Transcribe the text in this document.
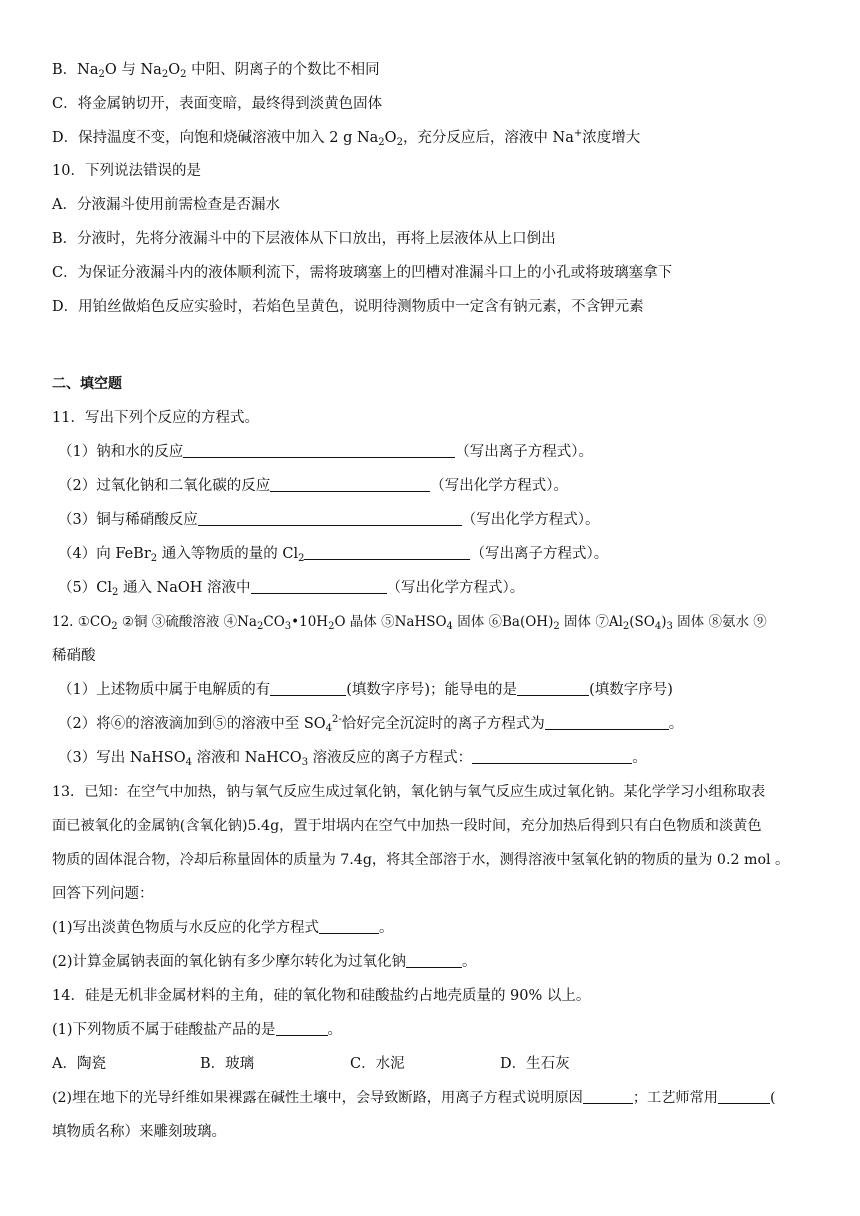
B．$Na_2O$ 与 $Na_2O_2$ 中阳、阴离子的个数比不相同
C．将金属钠切开，表面变暗，最终得到淡黄色固体
D．保持温度不变，向饱和烧碱溶液中加入 2 g $Na_2O_2$，充分反应后，溶液中 Na+浓度增大
10．下列说法错误的是
A．分液漏斗使用前需检查是否漏水
B．分液时，先将分液漏斗中的下层液体从下口放出，再将上层液体从上口倒出
C．为保证分液漏斗内的液体顺利流下，需将玻璃塞上的凹槽对准漏斗口上的小孔或将玻璃塞拿下
D．用铂丝做焰色反应实验时，若焰色呈黄色，说明待测物质中一定含有钠元素，不含钾元素
二、填空题
11．写出下列个反应的方程式。
（1）钠和水的反应	（写出离子方程式）。
（2）过氧化钠和二氧化碳的反应	（写出化学方程式）。
（3）铜与稀硝酸反应	（写出化学方程式）。
（4）向 FeBr$_2$ 通入等物质的量的 $Cl_2$	（写出离子方程式）。
$(5)Cl_2$ 通入 NaOH 溶液中	（写出化学方程式）。
12. $①CO_2$ ②铜 ③硫酸溶液 $④Na_2CO_3•10H_2O$ 晶体 ⑤NaHSO$_4$ 固体 $⑥Ba(OH)_2$ 固体 $⑦Al_2(SO_4)_3$ 固体 ⑧氨水 ⑨
稀硝酸
（1）上述物质中属于电解质的有	(填数字序号)；能导电的是	(填数字序号)
（2）将⑥的溶液滴加到⑤的溶液中至 $SO_4^{2-}$恰好完全沉淀时的离子方程式为	。
（3）写出 NaHSO$_4$ 溶液和 NaHCO$_3$ 溶液反应的离子方程式：	。
13．已知：在空气中加热，钠与氧气反应生成过氧化钠，氧化钠与氧气反应生成过氧化钠。某化学学习小组称取表
面已被氧化的金属钠(含氧化钠)5.4g，置于坩埚内在空气中加热一段时间，充分加热后得到只有白色物质和淡黄色
物质的固体混合物，冷却后称量固体的质量为 7.4g，将其全部溶于水，测得溶液中氢氧化钠的物质的量为 0.2 mol 。
回答下列问题：
(1)写出淡黄色物质与水反应的化学方程式	。
(2)计算金属钠表面的氧化钠有多少摩尔转化为过氧化钠	。
14．硅是无机非金属材料的主角，硅的氧化物和硅酸盐约占地壳质量的 90% 以上。
(1)下列物质不属于硅酸盐产品的是	。
A．陶瓷	B．玻璃	C．水泥	D．生石灰
(2)埋在地下的光导纤维如果裸露在碱性土壤中，会导致断路，用离子方程式说明原因	；工艺师常用	(
填物质名称）来雕刻玻璃。
